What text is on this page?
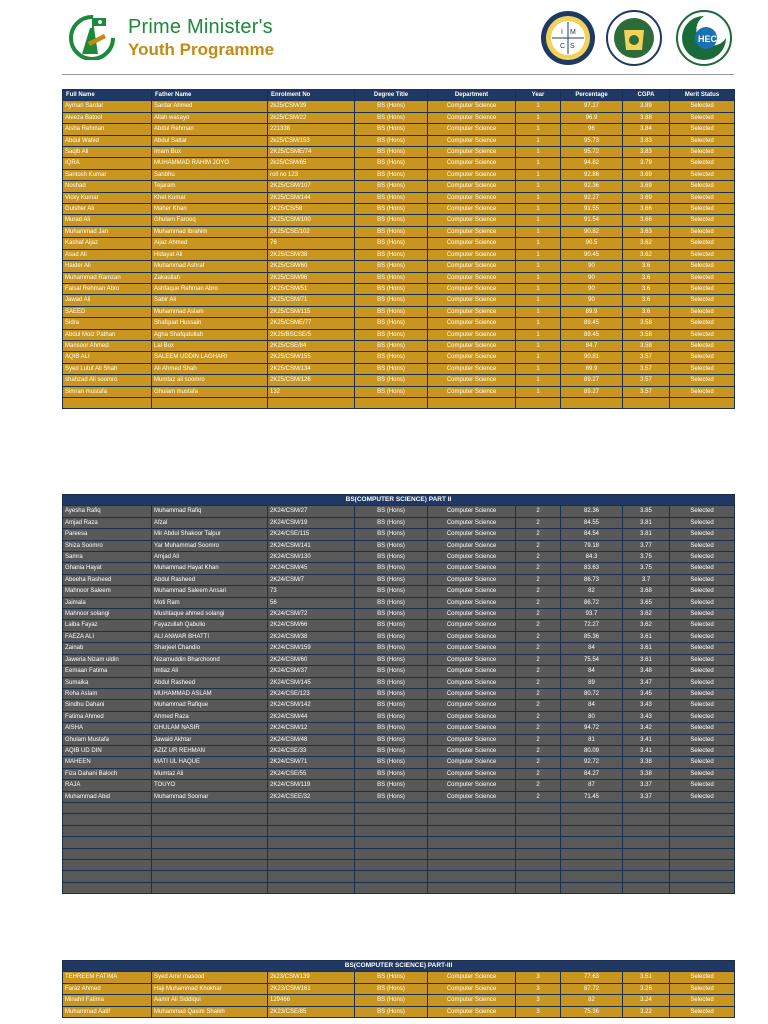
Prime Minister's
Youth Programme
I M
C S
HEC
Full Name	Father Name	Enrolment No	Degree Title	Department	Year	Percentage	CGPA	Merit Status
Ayman Sardar	Sardar Ahmed	2k25/CSM/39	BS (Hons)	Computer Science	1	97.27	3.89	Selected
Aleeza Batool	Allah wasayo	2k25/CSM/22	BS (Hons)	Computer Science	1	96.9	3.88	Selected
Aisha Rehman	Abdul Rehman	221338	BS (Hons)	Computer Science	1	96	3.84	Selected
Abdul Wahid	Abdul Sattar	2k25/CSM/153	BS (Hons)	Computer Science	1	95.73	3.83	Selected
Saqib Ali	Imam Bux	2K25/CSME/74	BS (Hons)	Computer Science	1	95.72	3.83	Selected
IQRA	MUHAMMAD RAHIM JOYO	2k25/CSM/65	BS (Hons)	Computer Science	1	94.82	3.79	Selected
Santosh Kumar	Sanbhu	roll no 123	BS (Hons)	Computer Science	1	92.86	3.69	Selected
Noshad	Tejaram	2K25/CSM/107	BS (Hons)	Computer Science	1	92.36	3.69	Selected
Vicky Kumar	Khet Kumar	2K25/CSM/144	BS (Hons)	Computer Science	1	92.27	3.69	Selected
Gulsher Ali	Maher Khan	2K25/CS/58	BS (Hons)	Computer Science	1	91.55	3.66	Selected
Murad Ali	Ghulam Farooq	2K25/CSM/100	BS (Hons)	Computer Science	1	91.54	3.66	Selected
Muhammad Jan	Muhammad Ibrahim	2K25/CSE/102	BS (Hons)	Computer Science	1	90.82	3.63	Selected
Kashaf Aijaz	Aijaz Ahmed	76	BS (Hons)	Computer Science	1	90.5	3.62	Selected
Asad Ali	Hidayat Ali	2K25/CSM/38	BS (Hons)	Computer Science	1	90.45	3.62	Selected
Haider Ali	Muhammad Ashraf	2K25/CSM/60	BS (Hons)	Computer Science	1	90	3.6	Selected
Muhammad Ramzan	Zakaullah	2K25/CSM/96	BS (Hons)	Computer Science	1	90	3.6	Selected
Faisal Rehman Abro	Ashfaque Rehman Abro	2K25/CSM/51	BS (Hons)	Computer Science	1	90	3.6	Selected
Jawad Ali	Sabir Ali	2K25/CSM/71	BS (Hons)	Computer Science	1	90	3.6	Selected
SAEED	Muhammad Aslam	2K25/CSM/115	BS (Hons)	Computer Science	1	89.9	3.6	Selected
Sidra	Shafquat Hussain	2K25/CSME/77	BS (Hons)	Computer Science	1	89.45	3.58	Selected
Abdul Moiz Pathan	Agha Shafqatullah	2K25/BSCSE/5	BS (Hons)	Computer Science	1	89.45	3.58	Selected
Mansoor Ahmed	Lal Bux	2K25/CSE/84	BS (Hons)	Computer Science	1	84.7	3.58	Selected
AQIB ALI	SALEEM UDDIN LAGHARI	2K25/CSM/155	BS (Hons)	Computer Science	1	90.81	3.57	Selected
Syed Lutuf Ali Shah	Ali Ahmed Shah	2K25/CSM/134	BS (Hons)	Computer Science	1	89.9	3.57	Selected
shahzad Ali soomro	Mumtaz ali soomro	2K25/CSM/126	BS (Hons)	Computer Science	1	89.27	3.57	Selected
Simran mustafa	Ghulam mustafa	132	BS (Hons)	Computer Science	1	89.27	3.57	Selected

BS(COMPUTER SCIENCE) PART II								
Ayesha Rafiq	Muhammad Rafiq	2K24/CSM/27	BS (Hons)	Computer Science	2	82.36	3.85	Selected
Amjad Raza	Afzal	2K24/CSM/19	BS (Hons)	Computer Science	2	84.55	3.81	Selected
Pareesa	Mir Abdul Shakoor Talpur	2K24/CSE/115	BS (Hons)	Computer Science	2	84.54	3.81	Selected
Shiza Soomro	Yar Muhammad Soomro	2K24/CSM/141	BS (Hons)	Computer Science	2	79.18	3.77	Selected
Samra	Amjad Ali	2K24/CSM/130	BS (Hons)	Computer Science	2	84.3	3.75	Selected
Ghania Hayat	Muhammad Hayat Khan	2K24/CSM/45	BS (Hons)	Computer Science	2	83.63	3.75	Selected
Abeeha Rasheed	Abdul Rasheed	2K24/CSM/7	BS (Hons)	Computer Science	2	86.73	3.7	Selected
Mahnoor Saleem	Muhammad Saleem Ansari	73	BS (Hons)	Computer Science	2	82	3.68	Selected
Jaimala	Moti Ram	56	BS (Hons)	Computer Science	2	86.72	3.65	Selected
Mahnoor solangi	Mushtaque ahmed solangi	2K24/CSM/72	BS (Hons)	Computer Science	2	93.7	3.62	Selected
Laiba Fayaz	Fayazullah Qabulio	2K24/CSM/66	BS (Hons)	Computer Science	2	72.27	3.62	Selected
FAEZA ALI	ALI ANWAR BHATTI	2K24/CSM/38	BS (Hons)	Computer Science	2	85.36	3.61	Selected
Zainab	Sharjeel Chandio	2K24/CSM/159	BS (Hons)	Computer Science	2	84	3.61	Selected
Jaweria Nizam uldin	Nizamuddin Bharchoond	2K24/CSM/60	BS (Hons)	Computer Science	2	75.54	3.61	Selected
Eemaan Fatima	Imtiaz Ali	2K24/CSM/37	BS (Hons)	Computer Science	2	84	3.48	Selected
Sumaika	Abdul Rasheed	2K24/CSM/145	BS (Hons)	Computer Science	2	89	3.47	Selected
Roha Aslam	MUHAMMAD ASLAM	2K24/CSE/123	BS (Hons)	Computer Science	2	80.72	3.45	Selected
Sindhu Dahani	Muhammad Rafique	2K24/CSM/142	BS (Hons)	Computer Science	2	84	3.43	Selected
Fatima Ahmed	Ahmed Raza	2K24/CSM/44	BS (Hons)	Computer Science	2	80	3.43	Selected
AISHA	GHULAM NASIR	2K24/CSM/12	BS (Hons)	Computer Science	2	94.72	3.42	Selected
Ghulam Mustafa	Jawaid Akhtar	2K24/CSM/48	BS (Hons)	Computer Science	2	81	3.41	Selected
AQIB UD DIN	AZIZ UR REHMAN	2K24/CSE/33	BS (Hons)	Computer Science	2	80.09	3.41	Selected
MAHEEN	MATI UL HAQUE	2K24/CSM/71	BS (Hons)	Computer Science	2	92.72	3.38	Selected
Fiza Dahani Baloch	Mumtaz Ali	2K24/CSE/55	BS (Hons)	Computer Science	2	84.27	3.38	Selected
RAJA	TOUYO	2K24/CSM/119	BS (Hons)	Computer Science	2	87	3.37	Selected
Muhammad Abid	Muhammad Soomar	2K24/CSEE/32	BS (Hons)	Computer Science	2	71.45	3.37	Selected

BS(COMPUTER SCIENCE) PART-III								
TEHREEM FATIMA	Syed Amir masood	2k23/CSM/139	BS (Hons)	Computer Science	3	77.63	3.51	Selected
Faraz Ahmed	Haji Muhammad Khokhar	2K23/CSM/161	BS (Hons)	Computer Science	3	87.72	3.26	Selected
Minahil Fatima	Aamir Ali Siddiqui	129466	BS (Hons)	Computer Science	3	82	3.24	Selected
Muhammad Aatif	Muhammad Qasim Shaikh	2K23/CSE/85	BS (Hons)	Computer Science	3	75.36	3.22	Selected
